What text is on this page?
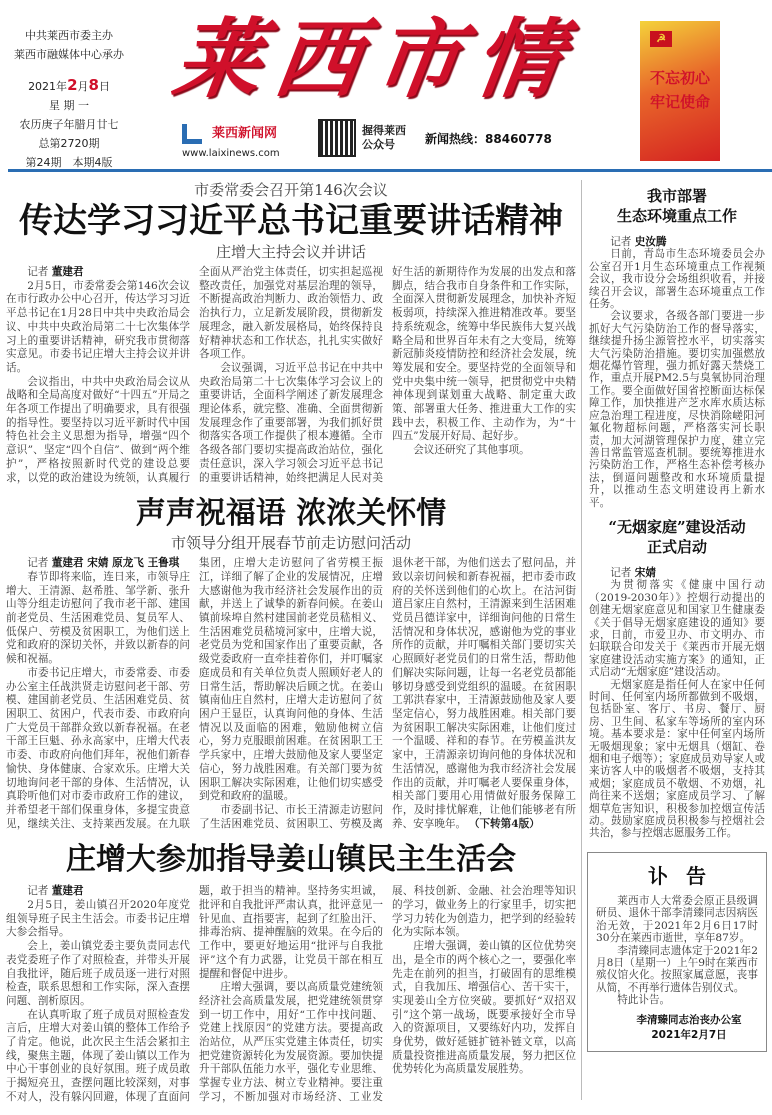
中共莱西市委主办
莱西市融媒体中心承办
2021年2月8日
星 期 一
农历庚子年腊月廿七
总第2720期
第24期　本期4版
莱西市情
莱西新闻网
www.laixinews.com
握得莱西公众号	新闻热线：88460778
☭
不忘初心
牢记使命
市委常委会召开第146次会议
传达学习习近平总书记重要讲话精神
庄增大主持会议并讲话
记者 董建君

2月5日，市委常委会第146次会议在市行政办公中心召开，传达学习习近平总书记在1月28日中共中央政治局会议、中共中央政治局第二十七次集体学习上的重要讲话精神，研究我市贯彻落实意见。市委书记庄增大主持会议并讲话。

会议指出，中共中央政治局会议从战略和全局高度对做好“十四五”开局之年各项工作提出了明确要求，具有很强的指导性。要坚持以习近平新时代中国特色社会主义思想为指导，增强“四个意识”、坚定“四个自信”、做到“两个维护”，严格按照新时代党的建设总要求，以党的政治建设为统领，认真履行全面从严治党主体责任，切实担起巡视整改责任，加强党对基层治理的领导，不断提高政治判断力、政治领悟力、政治执行力，立足新发展阶段，贯彻新发展理念，融入新发展格局，始终保持良好精神状态和工作状态，扎扎实实做好各项工作。

会议强调，习近平总书记在中共中央政治局第二十七次集体学习会议上的重要讲话，全面科学阐述了新发展理念理论体系，就完整、准确、全面贯彻新发展理念作了重要部署，为我们抓好贯彻落实各项工作提供了根本遵循。全市各级各部门要切实提高政治站位，强化责任意识，深入学习领会习近平总书记的重要讲话精神，始终把满足人民对美好生活的新期待作为发展的出发点和落脚点，结合我市自身条件和工作实际，全面深入贯彻新发展理念，加快补齐短板弱项，持续深入推进精准改革。要坚持系统观念，统筹中华民族伟大复兴战略全局和世界百年未有之大变局，统筹新冠肺炎疫情防控和经济社会发展，统筹发展和安全。要坚持党的全面领导和党中央集中统一领导，把贯彻党中央精神体现到谋划重大战略、制定重大政策、部署重大任务、推进重大工作的实践中去，积极工作、主动作为，为“十四五”发展开好局、起好步。

会议还研究了其他事项。

声声祝福语 浓浓关怀情
市领导分组开展春节前走访慰问活动
记者 董建君 宋婧 原龙飞 王鲁琪

春节即将来临，连日来，市领导庄增大、王清源、赵希胜、邹学新、张升山等分组走访慰问了我市老干部、建国前老党员、生活困难党员、复员军人、低保户、劳模及贫困职工，为他们送上党和政府的深切关怀，并致以新春的问候和祝福。

市委书记庄增大，市委常委、市委办公室主任战洪贤走访慰问老干部、劳模、建国前老党员、生活困难党员、贫困职工、贫困户，代表市委、市政府向广大党员干部群众致以新春祝福。在老干部王巨魁、孙永高家中，庄增大代表市委、市政府向他们拜年，祝他们新春愉快、身体健康、合家欢乐。庄增大关切地询问老干部的身体、生活情况，认真聆听他们对市委市政府工作的建议，并希望老干部们保重身体，多提宝贵意见，继续关注、支持莱西发展。在九联集团，庄增大走访慰问了省劳模王振江，详细了解了企业的发展情况，庄增大感谢他为我市经济社会发展作出的贡献，并送上了诚挚的新春问候。在姜山镇前垛埠自然村建国前老党员嵇相义、生活困难党员嵇境河家中，庄增大说，老党员为党和国家作出了重要贡献，各级党委政府一直牵挂着你们，并叮嘱家庭成员和有关单位负责人照顾好老人的日常生活，帮助解决后顾之忧。在姜山镇南仙庄自然村，庄增大走访慰问了贫困户王显臣，认真询问他的身体、生活情况以及面临的困难，勉励他树立信心，努力克服眼前困难。在贫困职工王学兵家中，庄增大鼓励他及家人要坚定信心，努力战胜困难。有关部门要为贫困职工解决实际困难，让他们切实感受到党和政府的温暖。

市委副书记、市长王清源走访慰问了生活困难党员、贫困职工、劳模及离退休老干部，为他们送去了慰问品，并致以亲切问候和新春祝福，把市委市政府的关怀送到他们的心坎上。在沽河街道吕家庄自然村，王清源来到生活困难党员吕德详家中，详细询问他的日常生活情况和身体状况，感谢他为党的事业所作的贡献，并叮嘱相关部门要切实关心照顾好老党员们的日常生活，帮助他们解决实际问题，让每一名老党员都能够切身感受到党组织的温暖。在贫困职工郭洪春家中，王清源鼓励他及家人要坚定信心，努力战胜困难。相关部门要为贫困职工解决实际困难，让他们度过一个温暖、祥和的春节。在劳模盖洪友家中，王清源亲切询问他的身体状况和生活情况，感谢他为我市经济社会发展作出的贡献，并叮嘱老人要保重身体，相关部门要用心用情做好服务保障工作，及时排忧解难，让他们能够老有所养、安享晚年。 （下转第4版）

庄增大参加指导姜山镇民主生活会
记者 董建君

2月5日，姜山镇召开2020年度党组领导班子民主生活会。市委书记庄增大参会指导。

会上，姜山镇党委主要负责同志代表党委班子作了对照检查，并带头开展自我批评，随后班子成员逐一进行对照检查，联系思想和工作实际，深入查摆问题、剖析原因。

在认真听取了班子成员对照检查发言后，庄增大对姜山镇的整体工作给予了肯定。他说，此次民主生活会紧扣主线，聚焦主题，体现了姜山镇以工作为中心干事创业的良好氛围。班子成员敢于揭短亮丑，查摆问题比较深刻，对事不对人，没有躲闪回避，体现了直面问题，敢于担当的精神。坚持务实坦诚，批评和自我批评严肃认真，批评意见一针见血、直指要害，起到了红脸出汗、排毒治病、提神醒脑的效果。在今后的工作中，要更好地运用“批评与自我批评”这个有力武器，让党员干部在相互提醒和督促中进步。

庄增大强调，要以高质量党建统领经济社会高质量发展，把党建统领贯穿到一切工作中，用好“工作中找问题、党建上找原因”的党建方法。要提高政治站位，从严压实党建主体责任，切实把党建资源转化为发展资源。要加快提升干部队伍能力水平，强化专业思维、掌握专业方法、树立专业精神。要注重学习，不断加强对市场经济、工业发展、科技创新、金融、社会治理等知识的学习，做业务上的行家里手，切实把学习力转化为创造力，把学到的经验转化为实际本领。

庄增大强调，姜山镇的区位优势突出，是全市的两个核心之一，要强化率先走在前列的担当，打破固有的思维模式，自我加压、增强信心、苦干实干，实现姜山全方位突破。要抓好“双招双引”这个第一战场，既要承接好全市导入的资源项目，又要练好内功，发挥自身优势，做好延链扩链补链文章，以高质量投资推进高质量发展，努力把区位优势转化为高质量发展胜势。

我市部署
生态环境重点工作
记者 史汝腾

日前，青岛市生态环境委员会办公室召开1月生态环境重点工作视频会议，我市设分会场组织收看，并接续召开会议，部署生态环境重点工作任务。

会议要求，各级各部门要进一步抓好大气污染防治工作的督导落实，继续提升扬尘源管控水平，切实落实大气污染防治措施。要切实加强燃放烟花爆竹管理，强力抓好露天禁烧工作，重点开展PM2.5与臭氧协同治理工作。要全面做好国省控断面达标保障工作，加快推进产芝水库水质达标应急治理工程进度，尽快消除嵯阳河氟化物超标问题，严格落实河长职责，加大河湖管理保护力度，建立完善日常监管巡查机制。要统筹推进水污染防治工作，严格生态补偿考核办法，倒逼问题整改和水环境质量提升，以推动生态文明建设再上新水平。

“无烟家庭”建设活动
正式启动
记者 宋婧

为贯彻落实《健康中国行动（2019-2030年）》控烟行动提出的创建无烟家庭意见和国家卫生健康委《关于倡导无烟家庭建设的通知》要求，日前，市爱卫办、市文明办、市妇联联合印发关于《莱西市开展无烟家庭建设活动实施方案》的通知，正式启动“无烟家庭”建设活动。

无烟家庭是指任何人在家中任何时间、任何室内场所都做到不吸烟，包括卧室、客厅、书房、餐厅、厨房、卫生间、私家车等场所的室内环境。基本要求是：家中任何室内场所无吸烟现象；家中无烟具（烟缸、卷烟和电子烟等）；家庭成员劝导家人或来访客人中的吸烟者不吸烟，支持其戒烟；家庭成员不敬烟、不劝烟，礼尚往来不送烟；家庭成员学习、了解烟草危害知识，积极参加控烟宣传活动。鼓励家庭成员积极参与控烟社会共治，参与控烟志愿服务工作。

讣告

莱西市人大常委会原正县级调研员、退休干部李清臻同志因病医治无效，于2021年2月6日17时30分在莱西市逝世，享年87岁。

李清臻同志遗体定于2021年2月8日（星期一）上午9时在莱西市殡仪馆火化。按照家属意愿，丧事从简，不再举行遗体告别仪式。

特此讣告。

李清臻同志治丧办公室
2021年2月7日
